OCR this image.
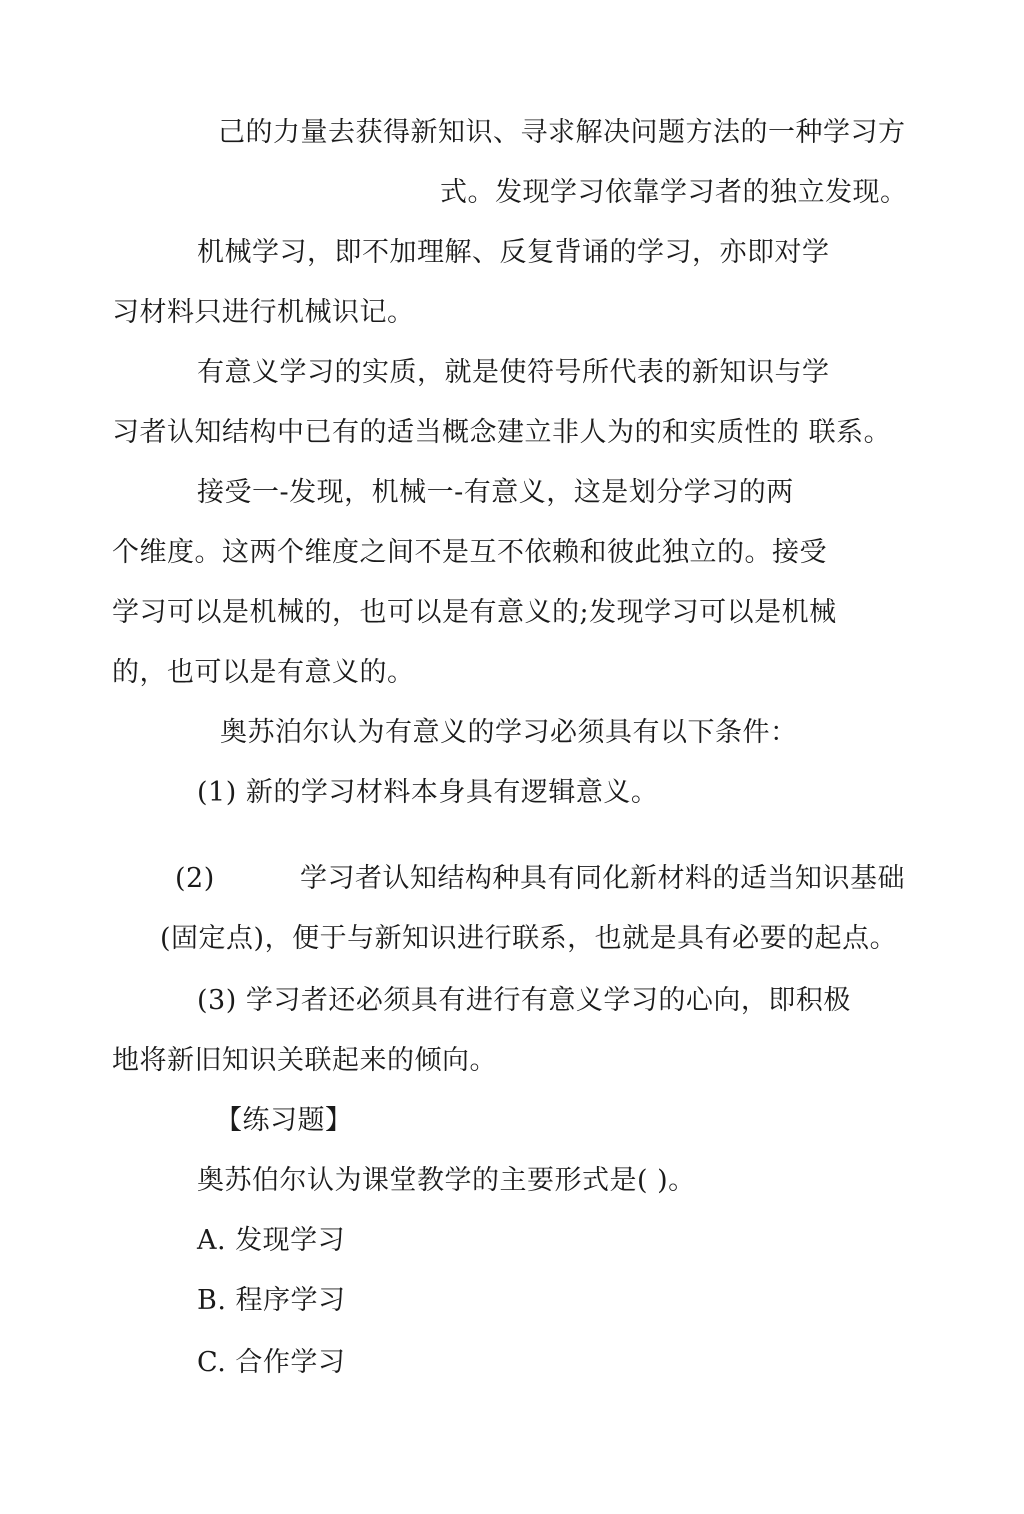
己的力量去获得新知识、寻求解决问题方法的一种学习方
式。发现学习依靠学习者的独立发现。
机械学习，即不加理解、反复背诵的学习，亦即对学
习材料只进行机械识记。
有意义学习的实质，就是使符号所代表的新知识与学
习者认知结构中已有的适当概念建立非人为的和实质性的 联系。
接受一-发现，机械一-有意义，这是划分学习的两
个维度。这两个维度之间不是互不依赖和彼此独立的。接受
学习可以是机械的，也可以是有意义的;发现学习可以是机械
的，也可以是有意义的。
奥苏泊尔认为有意义的学习必须具有以下条件：
(1) 新的学习材料本身具有逻辑意义。
(2)	学习者认知结构种具有同化新材料的适当知识基础
(固定点)，便于与新知识进行联系，也就是具有必要的起点。
(3) 学习者还必须具有进行有意义学习的心向，即积极
地将新旧知识关联起来的倾向。
【练习题】
奥苏伯尔认为课堂教学的主要形式是( )。
A. 发现学习
B. 程序学习
C. 合作学习
